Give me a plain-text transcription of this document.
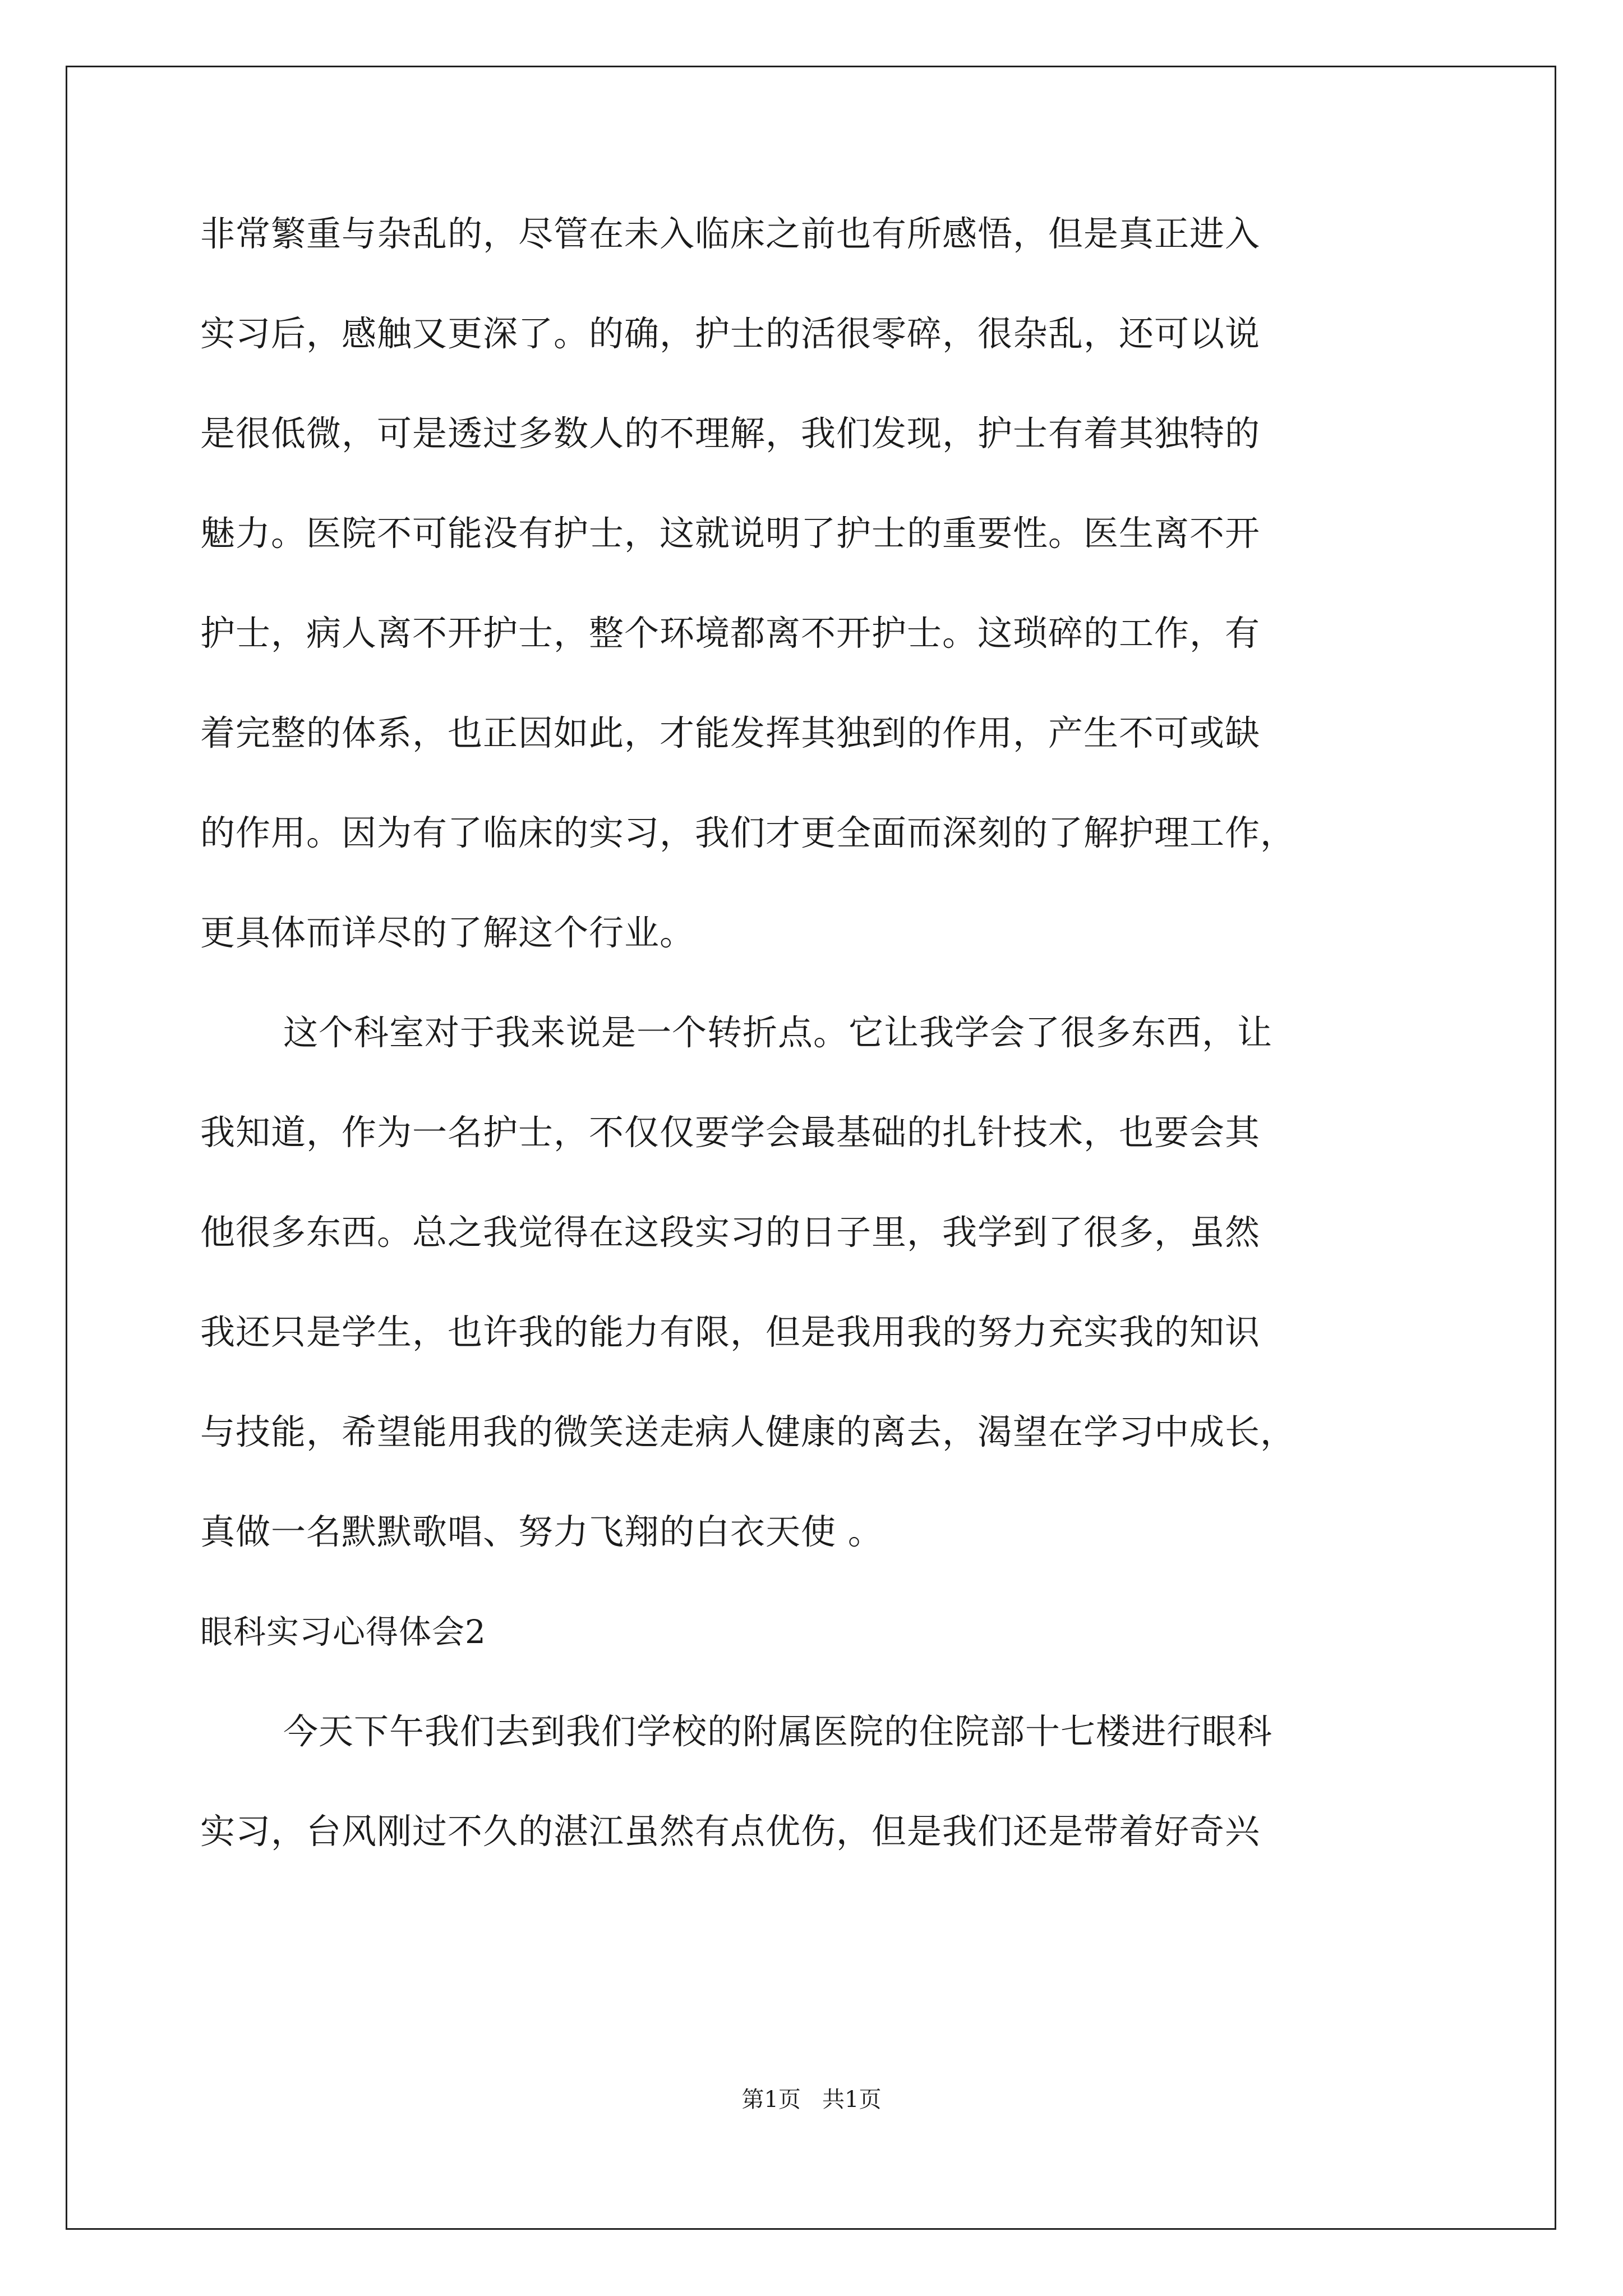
非常繁重与杂乱的，尽管在未入临床之前也有所感悟，但是真正进入
实习后，感触又更深了。的确，护士的活很零碎，很杂乱，还可以说
是很低微，可是透过多数人的不理解，我们发现，护士有着其独特的
魅力。医院不可能没有护士，这就说明了护士的重要性。医生离不开
护士，病人离不开护士，整个环境都离不开护士。这琐碎的工作，有
着完整的体系，也正因如此，才能发挥其独到的作用，产生不可或缺
的作用。因为有了临床的实习，我们才更全面而深刻的了解护理工作，
更具体而详尽的了解这个行业。
这个科室对于我来说是一个转折点。它让我学会了很多东西，让
我知道，作为一名护士，不仅仅要学会最基础的扎针技术，也要会其
他很多东西。总之我觉得在这段实习的日子里，我学到了很多，虽然
我还只是学生，也许我的能力有限，但是我用我的努力充实我的知识
与技能，希望能用我的微笑送走病人健康的离去，渴望在学习中成长，
真做一名默默歌唱、努力飞翔的白衣天使 。
眼科实习心得体会2
今天下午我们去到我们学校的附属医院的住院部十七楼进行眼科
实习，台风刚过不久的湛江虽然有点优伤，但是我们还是带着好奇兴
第1页   共1页
